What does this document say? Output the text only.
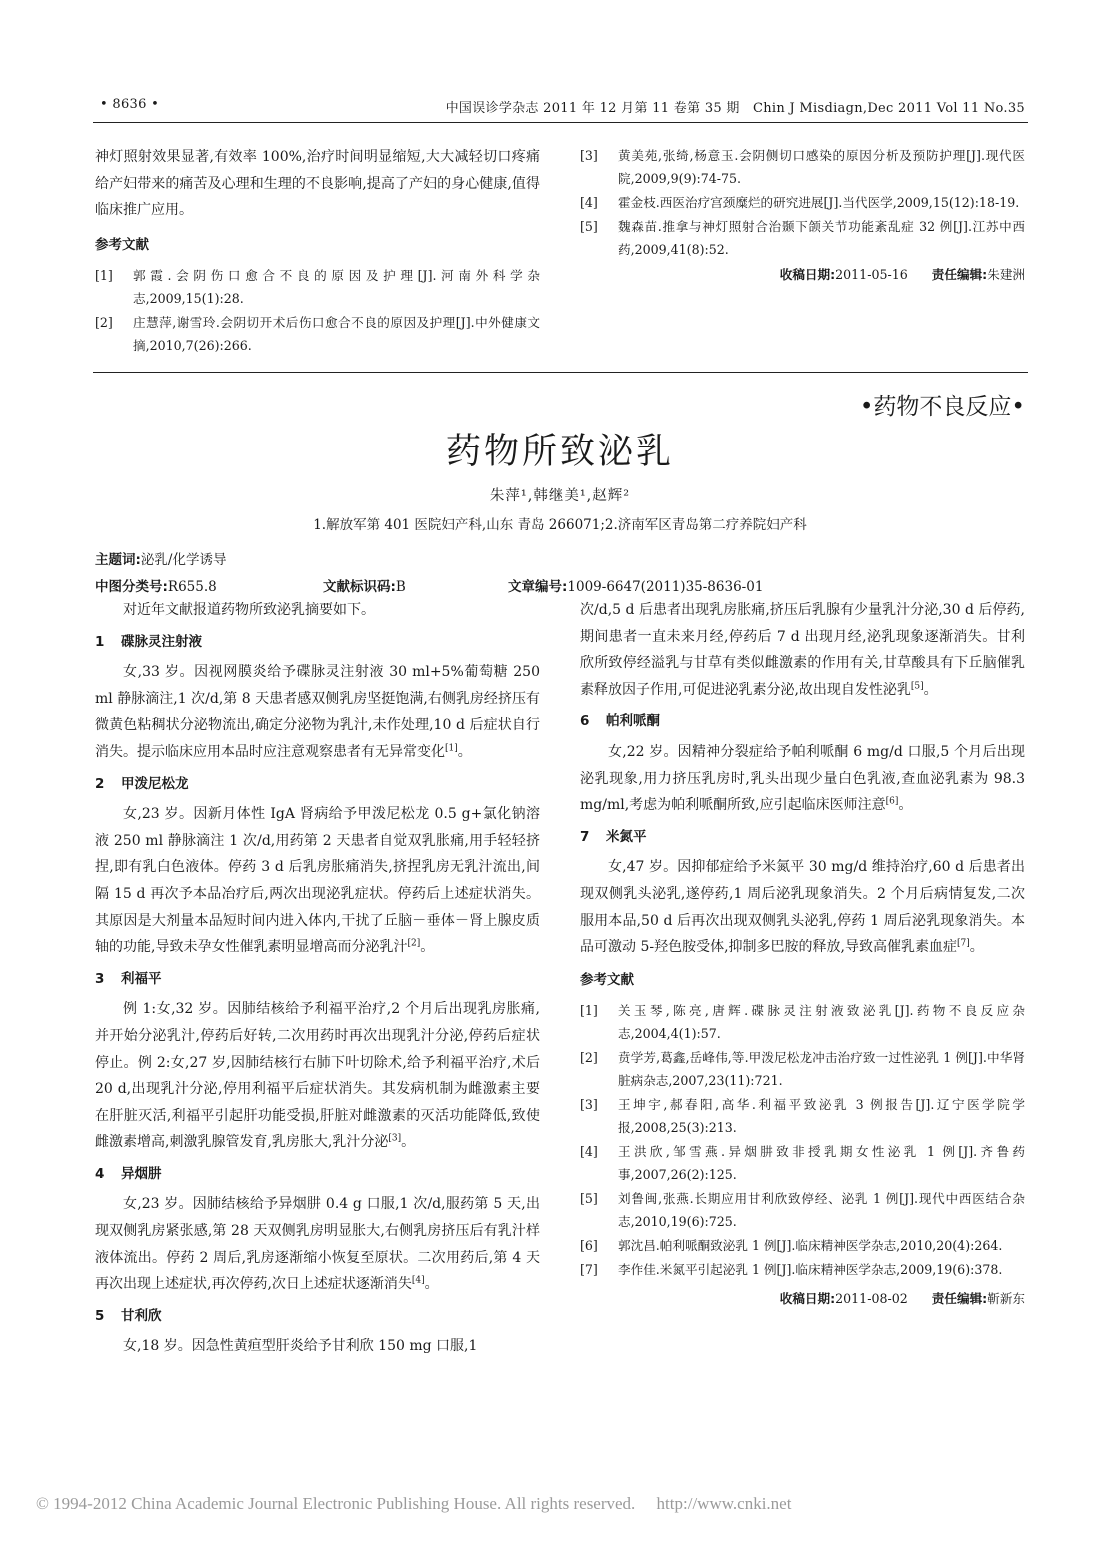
• 8636 •	中国误诊学杂志 2011 年 12 月第 11 卷第 35 期　Chin J Misdiagn,Dec 2011 Vol 11 No.35
神灯照射效果显著,有效率 100%,治疗时间明显缩短,大大减轻切口疼痛给产妇带来的痛苦及心理和生理的不良影响,提高了产妇的身心健康,值得临床推广应用。
参考文献
[1]	郭霞.会阴伤口愈合不良的原因及护理[J].河南外科学杂志,2009,15(1):28.
[2]	庄慧萍,谢雪玲.会阴切开术后伤口愈合不良的原因及护理[J].中外健康文摘,2010,7(26):266.
[3]	黄美苑,张绮,杨意玉.会阴侧切口感染的原因分析及预防护理[J].现代医院,2009,9(9):74-75.
[4]	霍金枝.西医治疗宫颈糜烂的研究进展[J].当代医学,2009,15(12):18-19.
[5]	魏森苗.推拿与神灯照射合治颞下颌关节功能紊乱症 32 例[J].江苏中西药,2009,41(8):52.
收稿日期:2011-05-16 责任编辑:朱建洲
•药物不良反应•
药物所致泌乳
朱萍¹,韩继美¹,赵辉²
1.解放军第 401 医院妇产科,山东 青岛 266071;2.济南军区青岛第二疗养院妇产科
主题词:泌乳/化学诱导
中图分类号:R655.8	文献标识码:B	文章编号:1009-6647(2011)35-8636-01

对近年文献报道药物所致泌乳摘要如下。

1 碟脉灵注射液

女,33 岁。因视网膜炎给予碟脉灵注射液 30 ml+5%葡萄糖 250 ml 静脉滴注,1 次/d,第 8 天患者感双侧乳房坚挺饱满,右侧乳房经挤压有微黄色粘稠状分泌物流出,确定分泌物为乳汁,未作处理,10 d 后症状自行消失。提示临床应用本品时应注意观察患者有无异常变化[1]。

2 甲泼尼松龙

女,23 岁。因新月体性 IgA 肾病给予甲泼尼松龙 0.5 g+氯化钠溶液 250 ml 静脉滴注 1 次/d,用药第 2 天患者自觉双乳胀痛,用手轻轻挤捏,即有乳白色液体。停药 3 d 后乳房胀痛消失,挤捏乳房无乳汁流出,间隔 15 d 再次予本品冶疗后,两次出现泌乳症状。停药后上述症状消失。其原因是大剂量本品短时间内进入体内,干扰了丘脑－垂体－肾上腺皮质轴的功能,导致未孕女性催乳素明显增高而分泌乳汁[2]。

3 利福平

例 1:女,32 岁。因肺结核给予利福平治疗,2 个月后出现乳房胀痛,并开始分泌乳汁,停药后好转,二次用药时再次出现乳汁分泌,停药后症状停止。例 2:女,27 岁,因肺结核行右肺下叶切除术,给予利福平治疗,术后 20 d,出现乳汁分泌,停用利福平后症状消失。其发病机制为雌激素主要在肝脏灭活,利福平引起肝功能受损,肝脏对雌激素的灭活功能降低,致使雌激素增高,刺激乳腺管发育,乳房胀大,乳汁分泌[3]。

4 异烟肼

女,23 岁。因肺结核给予异烟肼 0.4 g 口服,1 次/d,服药第 5 天,出现双侧乳房紧张感,第 28 天双侧乳房明显胀大,右侧乳房挤压后有乳汁样液体流出。停药 2 周后,乳房逐渐缩小恢复至原状。二次用药后,第 4 天再次出现上述症状,再次停药,次日上述症状逐渐消失[4]。

5 甘利欣

女,18 岁。因急性黄疸型肝炎给予甘利欣 150 mg 口服,1

次/d,5 d 后患者出现乳房胀痛,挤压后乳腺有少量乳汁分泌,30 d 后停药,期间患者一直未来月经,停药后 7 d 出现月经,泌乳现象逐渐消失。甘利欣所致停经溢乳与甘草有类似雌激素的作用有关,甘草酸具有下丘脑催乳素释放因子作用,可促进泌乳素分泌,故出现自发性泌乳[5]。
6 帕利哌酮

女,22 岁。因精神分裂症给予帕利哌酮 6 mg/d 口服,5 个月后出现泌乳现象,用力挤压乳房时,乳头出现少量白色乳液,查血泌乳素为 98.3 mg/ml,考虑为帕利哌酮所致,应引起临床医师注意[6]。

7 米氮平

女,47 岁。因抑郁症给予米氮平 30 mg/d 维持治疗,60 d 后患者出现双侧乳头泌乳,遂停药,1 周后泌乳现象消失。2 个月后病情复发,二次服用本品,50 d 后再次出现双侧乳头泌乳,停药 1 周后泌乳现象消失。本品可激动 5-羟色胺受体,抑制多巴胺的释放,导致高催乳素血症[7]。

参考文献
[1]	关玉琴,陈亮,唐辉.碟脉灵注射液致泌乳[J].药物不良反应杂志,2004,4(1):57.
[2]	贲学芳,葛鑫,岳峰伟,等.甲泼尼松龙冲击治疗致一过性泌乳 1 例[J].中华肾脏病杂志,2007,23(11):721.
[3]	王坤宇,郝春阳,高华.利福平致泌乳 3 例报告[J].辽宁医学院学报,2008,25(3):213.
[4]	王洪欣,邹雪燕.异烟肼致非授乳期女性泌乳 1 例[J].齐鲁药事,2007,26(2):125.
[5]	刘鲁闽,张燕.长期应用甘利欣致停经、泌乳 1 例[J].现代中西医结合杂志,2010,19(6):725.
[6]	郭沈昌.帕利哌酮致泌乳 1 例[J].临床精神医学杂志,2010,20(4):264.
[7]	李作佳.米氮平引起泌乳 1 例[J].临床精神医学杂志,2009,19(6):378.
收稿日期:2011-08-02 责任编辑:靳新东
© 1994-2012 China Academic Journal Electronic Publishing House. All rights reserved.　 http://www.cnki.net
